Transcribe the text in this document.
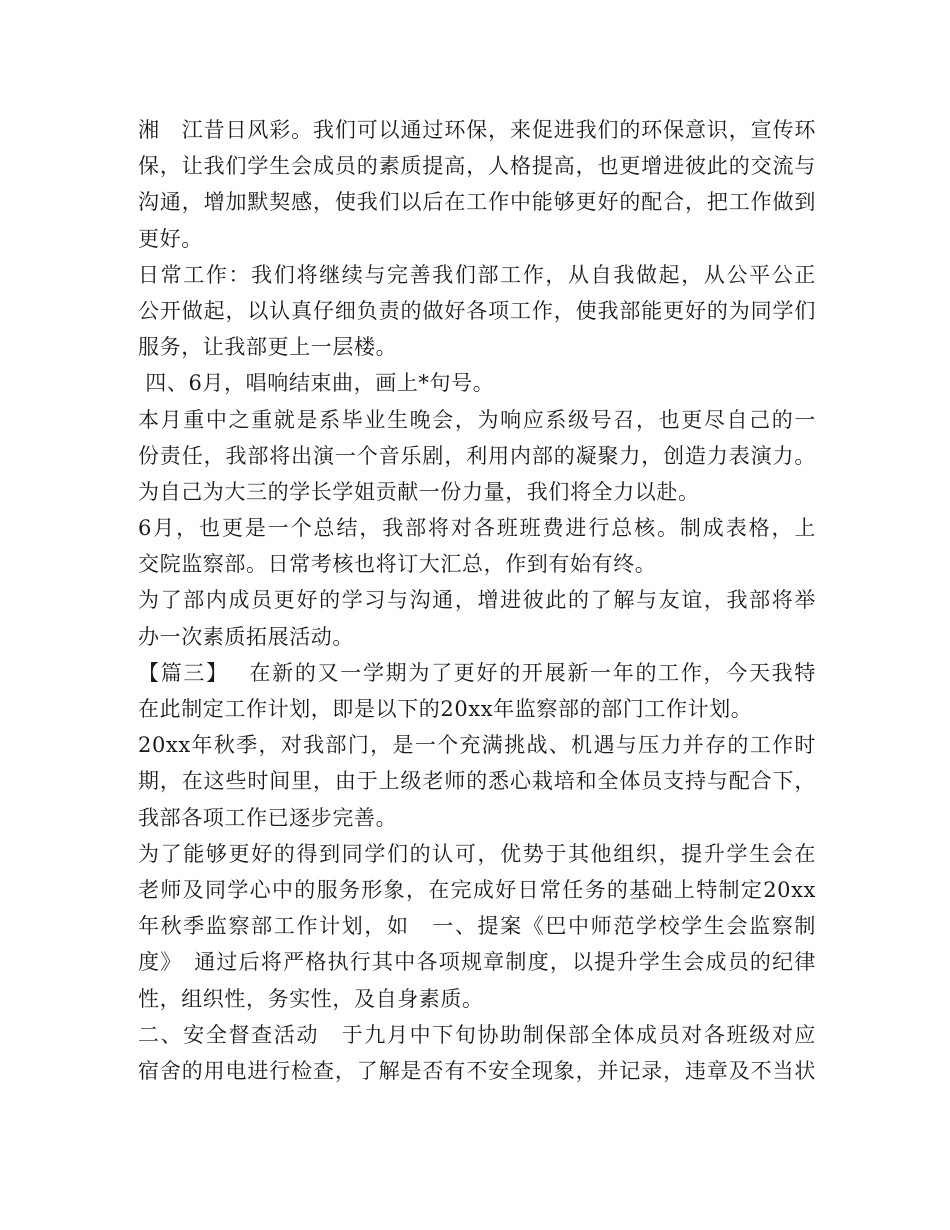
湘　江昔日风彩。我们可以通过环保，来促进我们的环保意识，宣传环
保，让我们学生会成员的素质提高，人格提高，也更增进彼此的交流与
沟通，增加默契感，使我们以后在工作中能够更好的配合，把工作做到
更好。
日常工作：我们将继续与完善我们部工作，从自我做起，从公平公正
公开做起，以认真仔细负责的做好各项工作，使我部能更好的为同学们
服务，让我部更上一层楼。
四、6月，唱响结束曲，画上*句号。
本月重中之重就是系毕业生晚会，为响应系级号召，也更尽自己的一
份责任，我部将出演一个音乐剧，利用内部的凝聚力，创造力表演力。
为自己为大三的学长学姐贡献一份力量，我们将全力以赴。
6月，也更是一个总结，我部将对各班班费进行总核。制成表格，上
交院监察部。日常考核也将订大汇总，作到有始有终。
为了部内成员更好的学习与沟通，增进彼此的了解与友谊，我部将举
办一次素质拓展活动。
【篇三】　 在新的又一学期为了更好的开展新一年的工作，今天我特
在此制定工作计划，即是以下的20xx年监察部的部门工作计划。
20xx年秋季，对我部门，是一个充满挑战、机遇与压力并存的工作时
期，在这些时间里，由于上级老师的悉心栽培和全体员支持与配合下，
我部各项工作已逐步完善。
为了能够更好的得到同学们的认可，优势于其他组织，提升学生会在
老师及同学心中的服务形象，在完成好日常任务的基础上特制定20xx
年秋季监察部工作计划，如　一、提案《巴中师范学校学生会监察制
度》　通过后将严格执行其中各项规章制度，以提升学生会成员的纪律
性，组织性，务实性，及自身素质。
二、安全督查活动　于九月中下旬协助制保部全体成员对各班级对应
宿舍的用电进行检查，了解是否有不安全现象，并记录，违章及不当状
